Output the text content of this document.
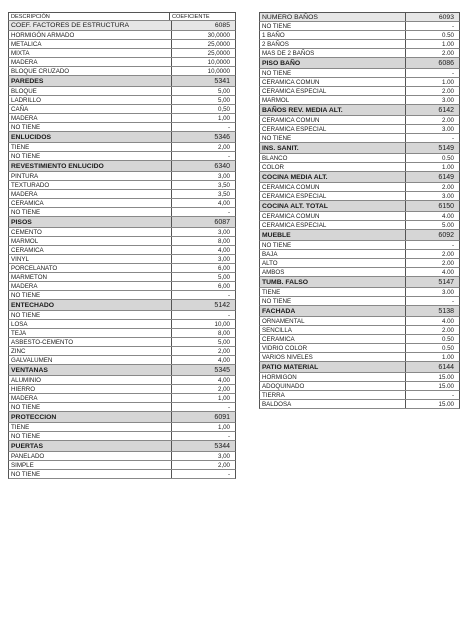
DESCRIPCIÓN	COEFICIENTE
COEF. FACTORES DE ESTRUCTURA	6085
HORMIGÓN ARMADO	30,0000
METALICA	25,0000
MIXTA	25,0000
MADERA	10,0000
BLOQUE CRUZADO	10,0000
PAREDES	5341
BLOQUE	5,00
LADRILLO	5,00
CAÑA	0,50
MADERA	1,00
NO TIENE	-
ENLUCIDOS	5346
TIENE	2,00
NO TIENE	-
REVESTIMIENTO ENLUCIDO	6340
PINTURA	3,00
TEXTURADO	3,50
MADERA	3,50
CERAMICA	4,00
NO TIENE	-
PISOS	6087
CEMENTO	3,00
MARMOL	8,00
CERAMICA	4,00
VINYL	3,00
PORCELANATO	6,00
MARMETON	5,00
MADERA	6,00
NO TIENE	-
ENTECHADO	5142
NO TIENE	-
LOSA	10,00
TEJA	8,00
ASBESTO-CEMENTO	5,00
ZINC	2,00
GALVALUMEN	4,00
VENTANAS	5345
ALUMINIO	4,00
HIERRO	2,00
MADERA	1,00
NO TIENE	-
PROTECCION	6091
TIENE	1,00
NO TIENE	-
PUERTAS	5344
PANELADO	3,00
SIMPLE	2,00
NO TIENE	-
NUMERO BAÑOS	6093
NO TIENE	-
1 BAÑO	0.50
2 BAÑOS	1.00
MAS DE 2 BAÑOS	2.00
PISO BAÑO	6086
NO TIENE	-
CERAMICA COMUN	1.00
CERAMICA ESPECIAL	2.00
MARMOL	3.00
BAÑOS REV. MEDIA ALT.	6142
CERAMICA COMUN	2.00
CERAMICA ESPECIAL	3.00
NO TIENE	-
INS. SANIT.	5149
BLANCO	0.50
COLOR	1.00
COCINA MEDIA ALT.	6149
CERAMICA COMUN	2.00
CERAMICA ESPECIAL	3.00
COCINA ALT. TOTAL	6150
CERAMICA COMUN	4.00
CERAMICA ESPECIAL	5.00
MUEBLE	6092
NO TIENE	-
BAJA	2.00
ALTO	2.00
AMBOS	4.00
TUMB. FALSO	5147
TIENE	3.00
NO TIENE	-
FACHADA	5138
ORNAMENTAL	4.00
SENCILLA	2.00
CERAMICA	0.50
VIDRIO COLOR	0.50
VARIOS NIVELES	1.00
PATIO MATERIAL	6144
HORMIGON	15.00
ADOQUINADO	15.00
TIERRA	-
BALDOSA	15.00
